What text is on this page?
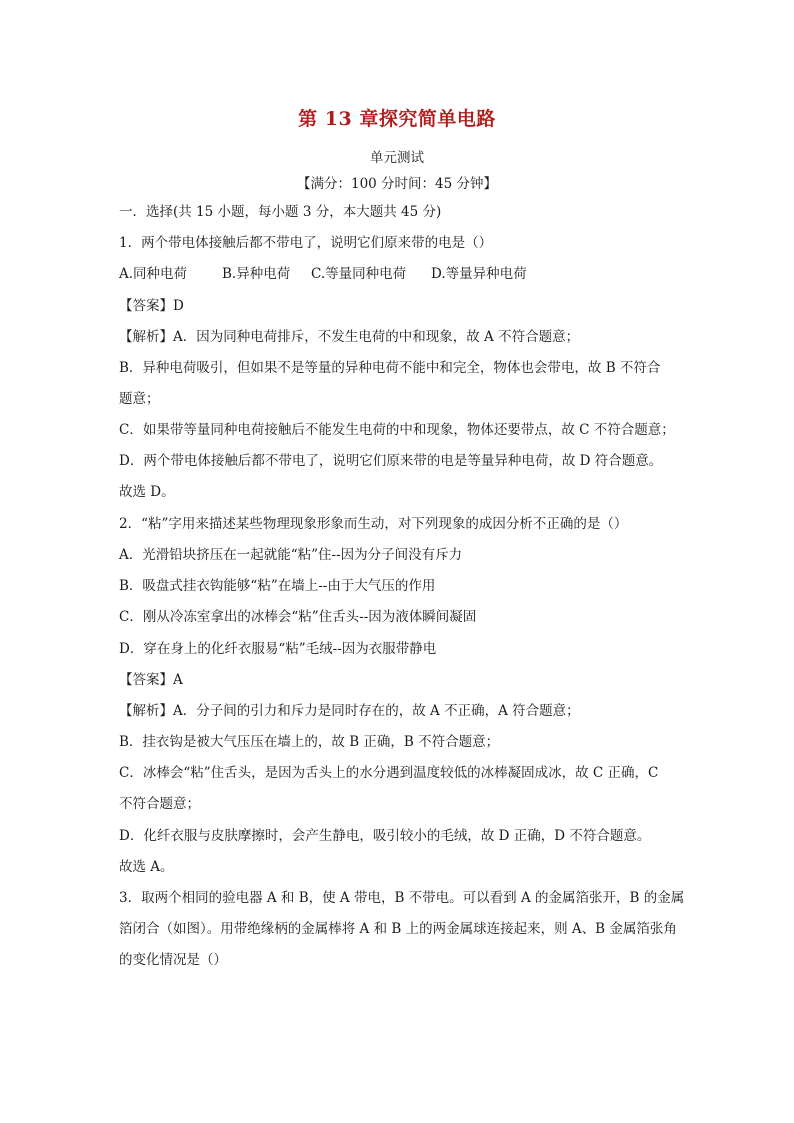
第 13 章探究简单电路
单元测试
【满分：100 分时间：45 分钟】
一．选择(共 15 小题，每小题 3 分，本大题共 45 分)
1．两个带电体接触后都不带电了，说明它们原来带的电是（）
A.同种电荷	B.异种电荷 C.等量同种电荷 D.等量异种电荷
【答案】D
【解析】A．因为同种电荷排斥，不发生电荷的中和现象，故 A 不符合题意；
B．异种电荷吸引，但如果不是等量的异种电荷不能中和完全，物体也会带电，故 B 不符合
题意；
C．如果带等量同种电荷接触后不能发生电荷的中和现象，物体还要带点，故 C 不符合题意；
D．两个带电体接触后都不带电了，说明它们原来带的电是等量异种电荷，故 D 符合题意。
故选 D。
2．“粘”字用来描述某些物理现象形象而生动，对下列现象的成因分析不正确的是（）
A．光滑铅块挤压在一起就能“粘”住--因为分子间没有斥力
B．吸盘式挂衣钩能够“粘”在墙上--由于大气压的作用
C．刚从冷冻室拿出的冰棒会“粘”住舌头--因为液体瞬间凝固
D．穿在身上的化纤衣服易“粘”毛绒--因为衣服带静电
【答案】A
【解析】A．分子间的引力和斥力是同时存在的，故 A 不正确，A 符合题意；
B．挂衣钩是被大气压压在墙上的，故 B 正确，B 不符合题意；
C．冰棒会“粘”住舌头，是因为舌头上的水分遇到温度较低的冰棒凝固成冰，故 C 正确，C
不符合题意；
D．化纤衣服与皮肤摩擦时，会产生静电，吸引较小的毛绒，故 D 正确，D 不符合题意。
故选 A。
3．取两个相同的验电器 A 和 B，使 A 带电，B 不带电。可以看到 A 的金属箔张开，B 的金属
箔闭合（如图）。用带绝缘柄的金属棒将 A 和 B 上的两金属球连接起来，则 A、B 金属箔张角
的变化情况是（）
